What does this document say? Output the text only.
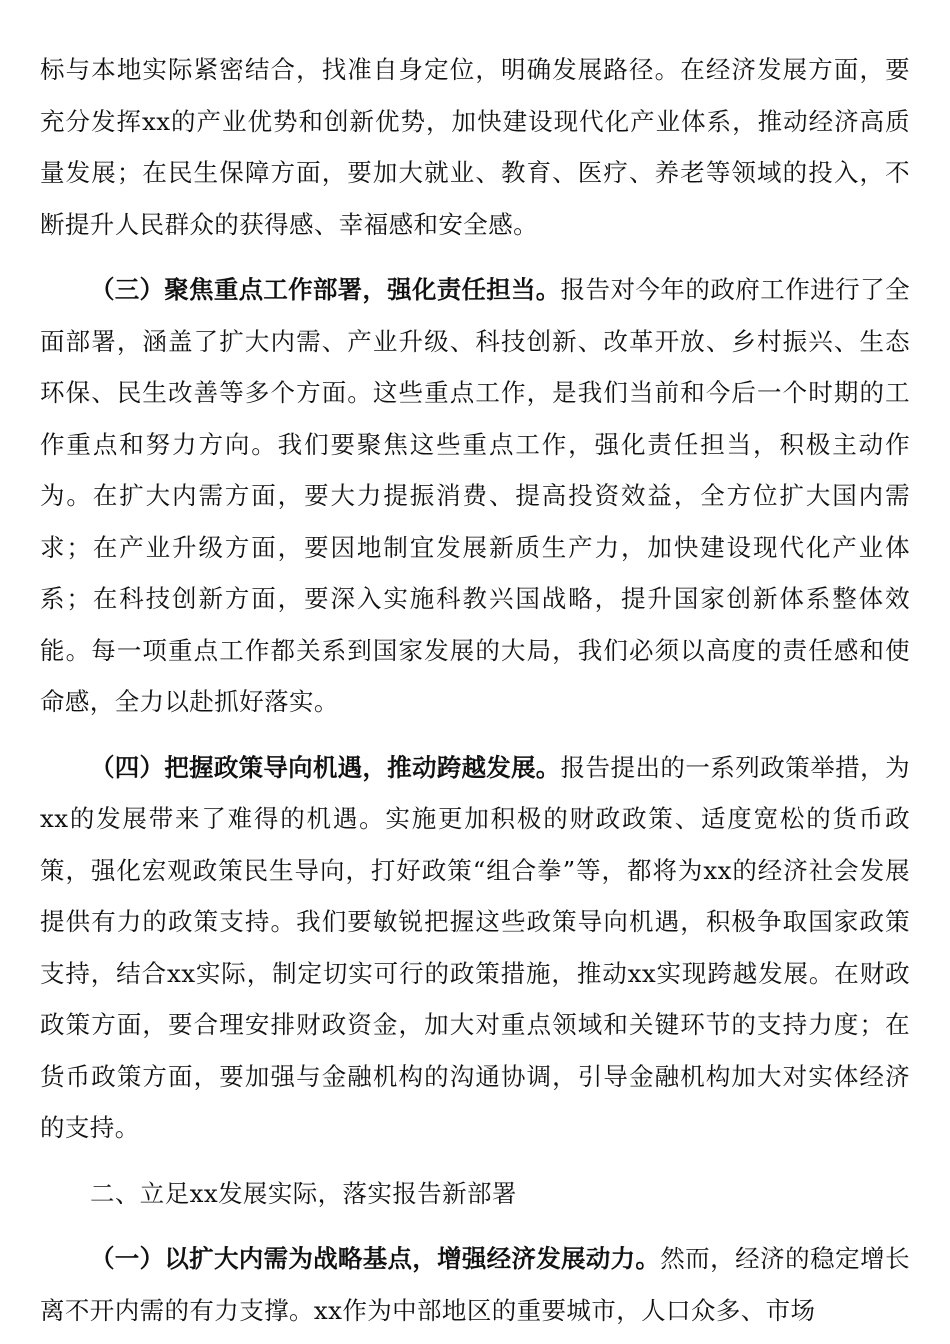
标与本地实际紧密结合，找准自身定位，明确发展路径。在经济发展方面，要充分发挥xx的产业优势和创新优势，加快建设现代化产业体系，推动经济高质量发展；在民生保障方面，要加大就业、教育、医疗、养老等领域的投入，不断提升人民群众的获得感、幸福感和安全感。

（三）聚焦重点工作部署，强化责任担当。报告对今年的政府工作进行了全面部署，涵盖了扩大内需、产业升级、科技创新、改革开放、乡村振兴、生态环保、民生改善等多个方面。这些重点工作，是我们当前和今后一个时期的工作重点和努力方向。我们要聚焦这些重点工作，强化责任担当，积极主动作为。在扩大内需方面，要大力提振消费、提高投资效益，全方位扩大国内需求；在产业升级方面，要因地制宜发展新质生产力，加快建设现代化产业体系；在科技创新方面，要深入实施科教兴国战略，提升国家创新体系整体效能。每一项重点工作都关系到国家发展的大局，我们必须以高度的责任感和使命感，全力以赴抓好落实。

（四）把握政策导向机遇，推动跨越发展。报告提出的一系列政策举措，为xx的发展带来了难得的机遇。实施更加积极的财政政策、适度宽松的货币政策，强化宏观政策民生导向，打好政策“组合拳”等，都将为xx的经济社会发展提供有力的政策支持。我们要敏锐把握这些政策导向机遇，积极争取国家政策支持，结合xx实际，制定切实可行的政策措施，推动xx实现跨越发展。在财政政策方面，要合理安排财政资金，加大对重点领域和关键环节的支持力度；在货币政策方面，要加强与金融机构的沟通协调，引导金融机构加大对实体经济的支持。

二、立足xx发展实际，落实报告新部署

（一）以扩大内需为战略基点，增强经济发展动力。然而，经济的稳定增长离不开内需的有力支撑。xx作为中部地区的重要城市，人口众多、市场
